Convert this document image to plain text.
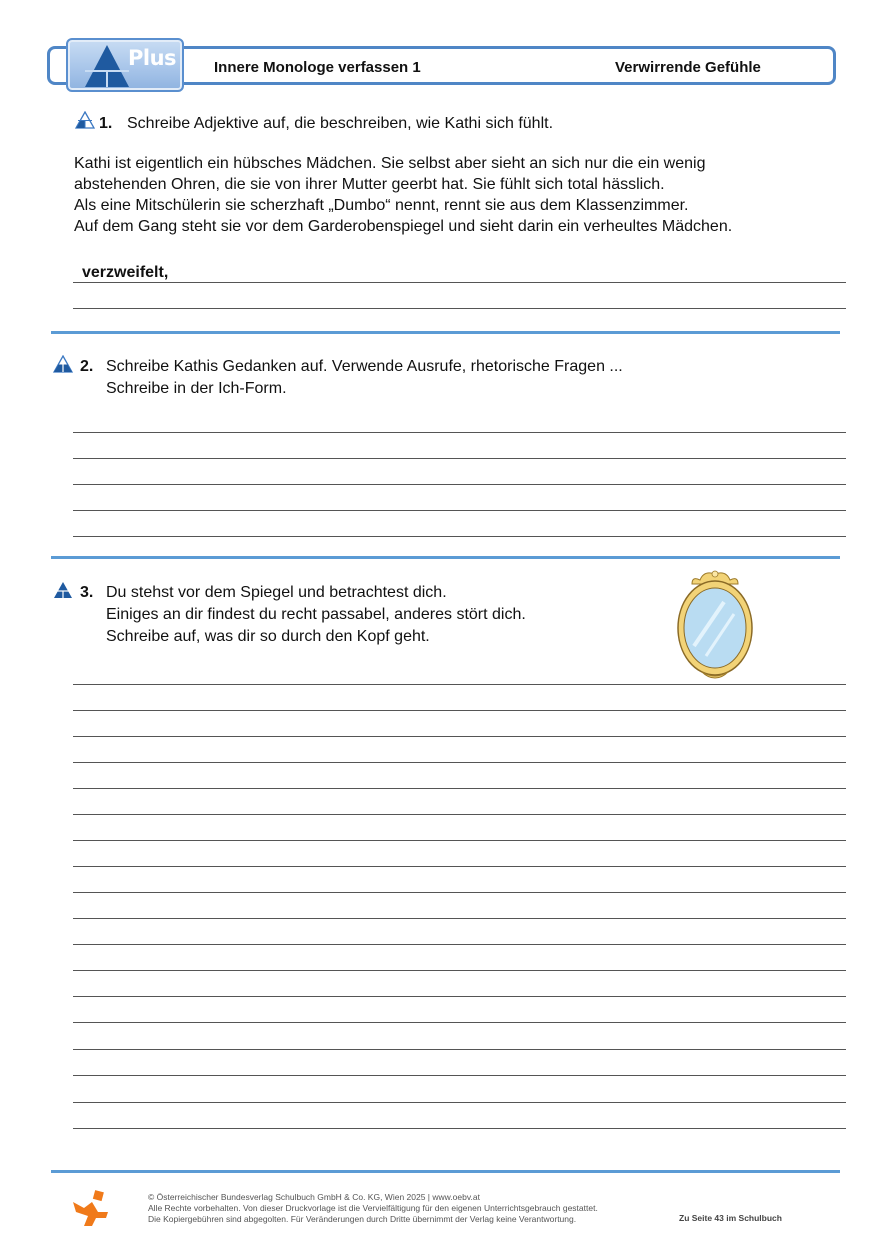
Plus	Innere Monologe verfassen 1	Verwirrende Gefühle
1. Schreibe Adjektive auf, die beschreiben, wie Kathi sich fühlt.
Kathi ist eigentlich ein hübsches Mädchen. Sie selbst aber sieht an sich nur die ein wenig
abstehenden Ohren, die sie von ihrer Mutter geerbt hat. Sie fühlt sich total hässlich.
Als eine Mitschülerin sie scherzhaft „Dumbo“ nennt, rennt sie aus dem Klassenzimmer.
Auf dem Gang steht sie vor dem Garderobenspiegel und sieht darin ein verheultes Mädchen.
verzweifelt,
2. Schreibe Kathis Gedanken auf. Verwende Ausrufe, rhetorische Fragen ...
Schreibe in der Ich-Form.
3. Du stehst vor dem Spiegel und betrachtest dich.
Einiges an dir findest du recht passabel, anderes stört dich.
Schreibe auf, was dir so durch den Kopf geht.
© Österreichischer Bundesverlag Schulbuch GmbH & Co. KG, Wien 2025 | www.oebv.at
Alle Rechte vorbehalten. Von dieser Druckvorlage ist die Vervielfältigung für den eigenen Unterrichtsgebrauch gestattet.
Die Kopiergebühren sind abgegolten. Für Veränderungen durch Dritte übernimmt der Verlag keine Verantwortung.	Zu Seite 43 im Schulbuch
